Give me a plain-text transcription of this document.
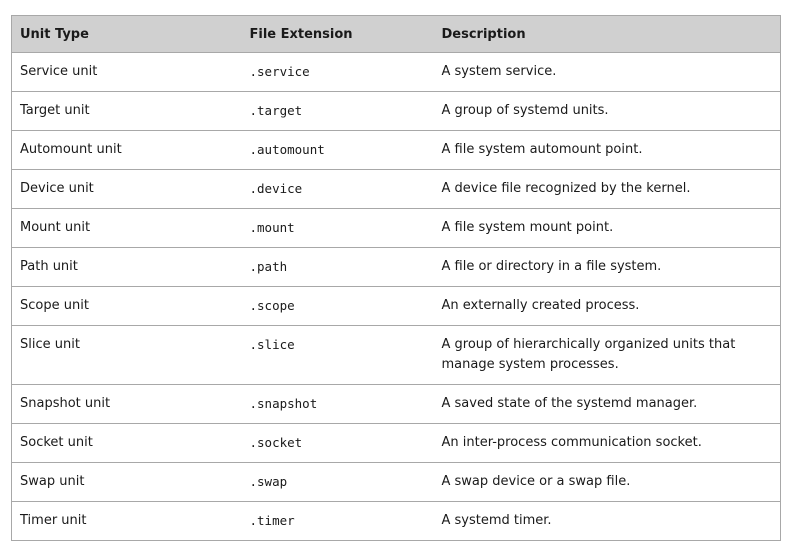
Unit Type	File Extension	Description
Service unit	.service	A system service.
Target unit	.target	A group of systemd units.
Automount unit	.automount	A file system automount point.
Device unit	.device	A device file recognized by the kernel.
Mount unit	.mount	A file system mount point.
Path unit	.path	A file or directory in a file system.
Scope unit	.scope	An externally created process.
Slice unit	.slice	A group of hierarchically organized units that manage system processes.
Snapshot unit	.snapshot	A saved state of the systemd manager.
Socket unit	.socket	An inter-process communication socket.
Swap unit	.swap	A swap device or a swap file.
Timer unit	.timer	A systemd timer.
